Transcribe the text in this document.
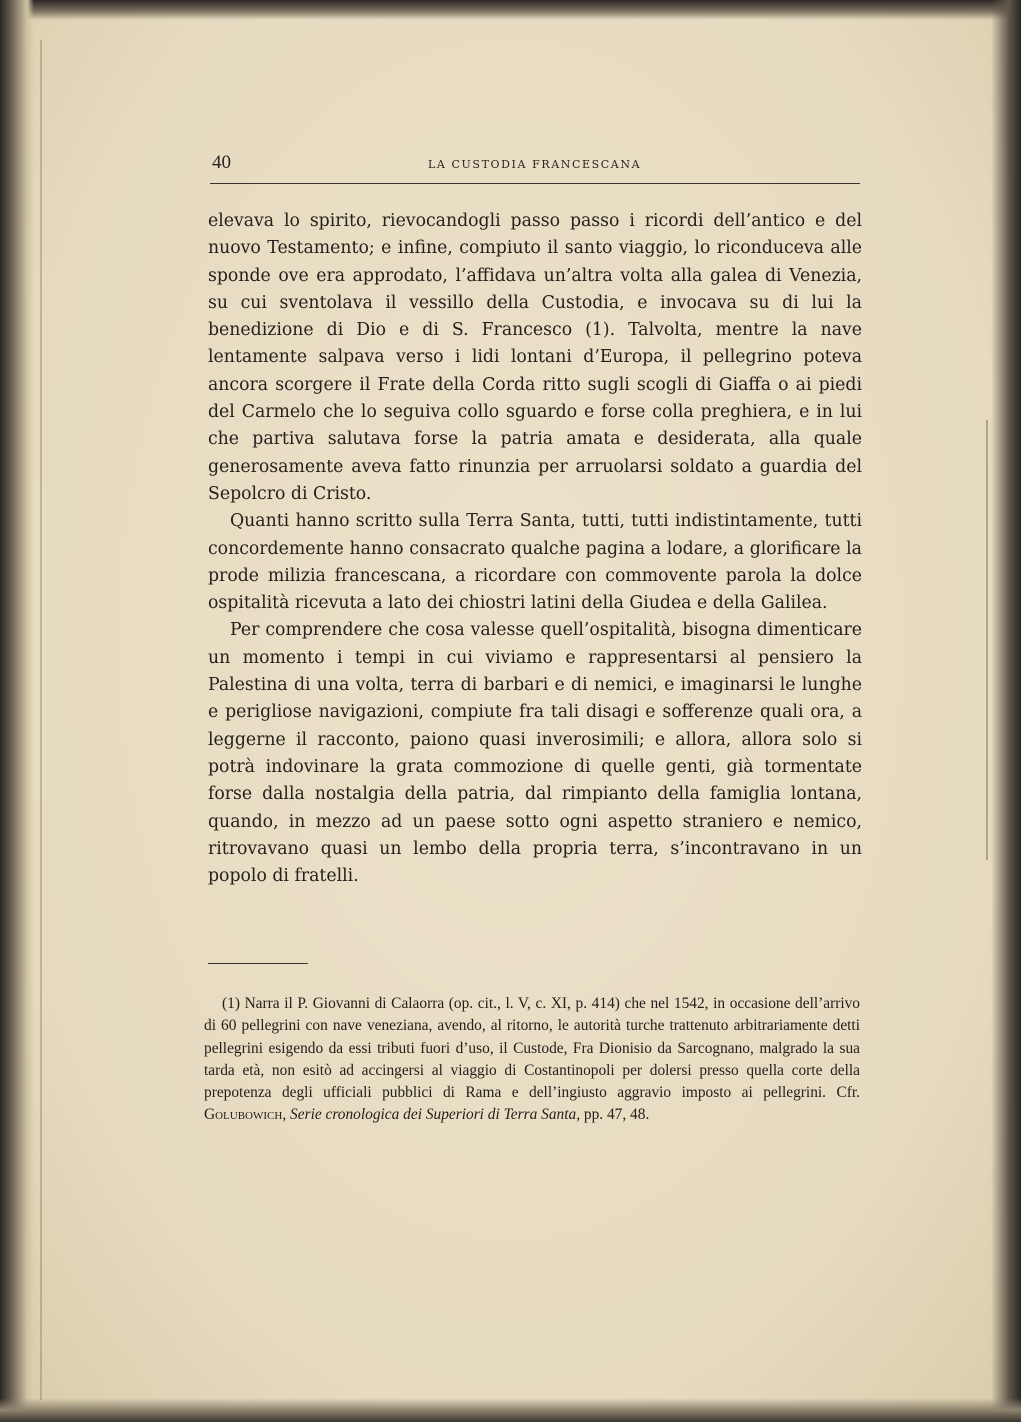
40	LA CUSTODIA FRANCESCANA

elevava lo spirito, rievocandogli passo passo i ricordi dell’antico e del nuovo Testamento; e infine, compiuto il santo viaggio, lo riconduceva alle sponde ove era approdato, l’affidava un’altra volta alla galea di Venezia, su cui sventolava il vessillo della Custodia, e invocava su di lui la benedizione di Dio e di S. Francesco (1). Talvolta, mentre la nave lentamente salpava verso i lidi lontani d’Europa, il pellegrino poteva ancora scorgere il Frate della Corda ritto sugli scogli di Giaffa o ai piedi del Carmelo che lo seguiva collo sguardo e forse colla preghiera, e in lui che partiva salutava forse la patria amata e desiderata, alla quale generosamente aveva fatto rinunzia per arruolarsi soldato a guardia del Sepolcro di Cristo.

Quanti hanno scritto sulla Terra Santa, tutti, tutti indistintamente, tutti concordemente hanno consacrato qualche pagina a lodare, a glorificare la prode milizia francescana, a ricordare con commovente parola la dolce ospitalità ricevuta a lato dei chiostri latini della Giudea e della Galilea.

Per comprendere che cosa valesse quell’ospitalità, bisogna dimenticare un momento i tempi in cui viviamo e rappresentarsi al pensiero la Palestina di una volta, terra di barbari e di nemici, e imaginarsi le lunghe e perigliose navigazioni, compiute fra tali disagi e sofferenze quali ora, a leggerne il racconto, paiono quasi inverosimili; e allora, allora solo si potrà indovinare la grata commozione di quelle genti, già tormentate forse dalla nostalgia della patria, dal rimpianto della famiglia lontana, quando, in mezzo ad un paese sotto ogni aspetto straniero e nemico, ritrovavano quasi un lembo della propria terra, s’incontravano in un popolo di fratelli.

(1) Narra il P. Giovanni di Calaorra (op. cit., l. V, c. XI, p. 414) che nel 1542, in occasione dell’arrivo di 60 pellegrini con nave veneziana, avendo, al ritorno, le autorità turche trattenuto arbitrariamente detti pellegrini esigendo da essi tributi fuori d’uso, il Custode, Fra Dionisio da Sarcognano, malgrado la sua tarda età, non esitò ad accingersi al viaggio di Costantinopoli per dolersi presso quella corte della prepotenza degli ufficiali pubblici di Rama e dell’ingiusto aggravio imposto ai pellegrini. Cfr. Golubowich, Serie cronologica dei Superiori di Terra Santa, pp. 47, 48.
